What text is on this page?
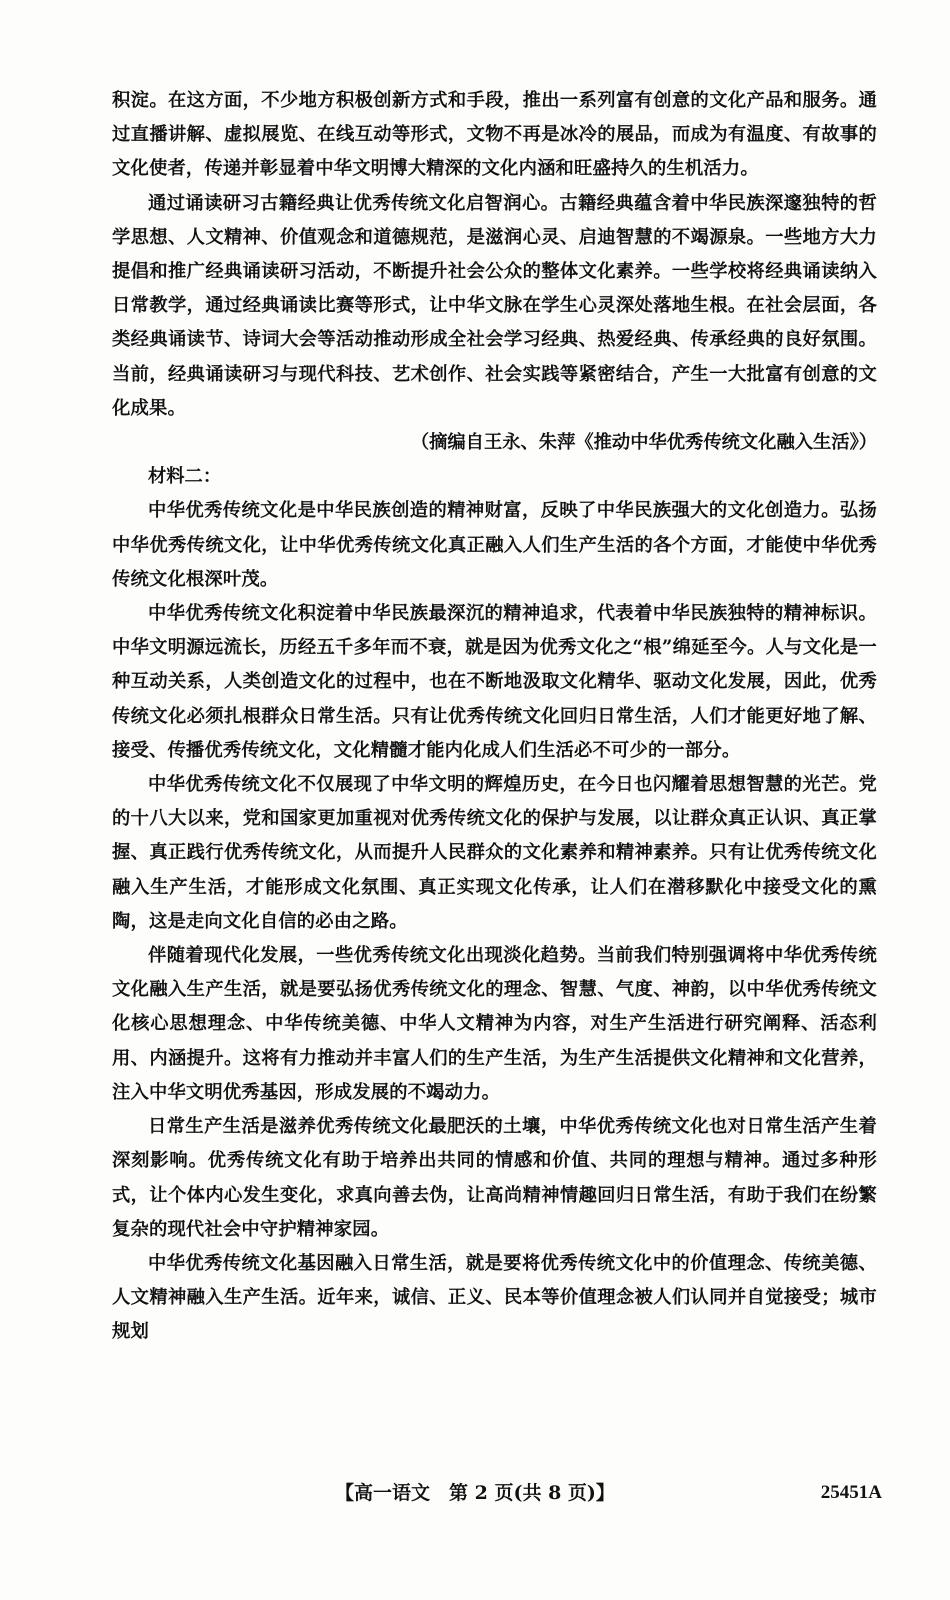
积淀。在这方面，不少地方积极创新方式和手段，推出一系列富有创意的文化产品和服务。通过直播讲解、虚拟展览、在线互动等形式，文物不再是冰冷的展品，而成为有温度、有故事的文化使者，传递并彰显着中华文明博大精深的文化内涵和旺盛持久的生机活力。

通过诵读研习古籍经典让优秀传统文化启智润心。古籍经典蕴含着中华民族深邃独特的哲学思想、人文精神、价值观念和道德规范，是滋润心灵、启迪智慧的不竭源泉。一些地方大力提倡和推广经典诵读研习活动，不断提升社会公众的整体文化素养。一些学校将经典诵读纳入日常教学，通过经典诵读比赛等形式，让中华文脉在学生心灵深处落地生根。在社会层面，各类经典诵读节、诗词大会等活动推动形成全社会学习经典、热爱经典、传承经典的良好氛围。当前，经典诵读研习与现代科技、艺术创作、社会实践等紧密结合，产生一大批富有创意的文化成果。

（摘编自王永、朱萍《推动中华优秀传统文化融入生活》）

材料二：

中华优秀传统文化是中华民族创造的精神财富，反映了中华民族强大的文化创造力。弘扬中华优秀传统文化，让中华优秀传统文化真正融入人们生产生活的各个方面，才能使中华优秀传统文化根深叶茂。

中华优秀传统文化积淀着中华民族最深沉的精神追求，代表着中华民族独特的精神标识。中华文明源远流长，历经五千多年而不衰，就是因为优秀文化之“根”绵延至今。人与文化是一种互动关系，人类创造文化的过程中，也在不断地汲取文化精华、驱动文化发展，因此，优秀传统文化必须扎根群众日常生活。只有让优秀传统文化回归日常生活，人们才能更好地了解、接受、传播优秀传统文化，文化精髓才能内化成人们生活必不可少的一部分。

中华优秀传统文化不仅展现了中华文明的辉煌历史，在今日也闪耀着思想智慧的光芒。党的十八大以来，党和国家更加重视对优秀传统文化的保护与发展，以让群众真正认识、真正掌握、真正践行优秀传统文化，从而提升人民群众的文化素养和精神素养。只有让优秀传统文化融入生产生活，才能形成文化氛围、真正实现文化传承，让人们在潜移默化中接受文化的熏陶，这是走向文化自信的必由之路。

伴随着现代化发展，一些优秀传统文化出现淡化趋势。当前我们特别强调将中华优秀传统文化融入生产生活，就是要弘扬优秀传统文化的理念、智慧、气度、神韵，以中华优秀传统文化核心思想理念、中华传统美德、中华人文精神为内容，对生产生活进行研究阐释、活态利用、内涵提升。这将有力推动并丰富人们的生产生活，为生产生活提供文化精神和文化营养，注入中华文明优秀基因，形成发展的不竭动力。

日常生产生活是滋养优秀传统文化最肥沃的土壤，中华优秀传统文化也对日常生活产生着深刻影响。优秀传统文化有助于培养出共同的情感和价值、共同的理想与精神。通过多种形式，让个体内心发生变化，求真向善去伪，让高尚精神情趣回归日常生活，有助于我们在纷繁复杂的现代社会中守护精神家园。

中华优秀传统文化基因融入日常生活，就是要将优秀传统文化中的价值理念、传统美德、人文精神融入生产生活。近年来，诚信、正义、民本等价值理念被人们认同并自觉接受；城市规划

【高一语文　第 2 页(共 8 页)】	25451A
